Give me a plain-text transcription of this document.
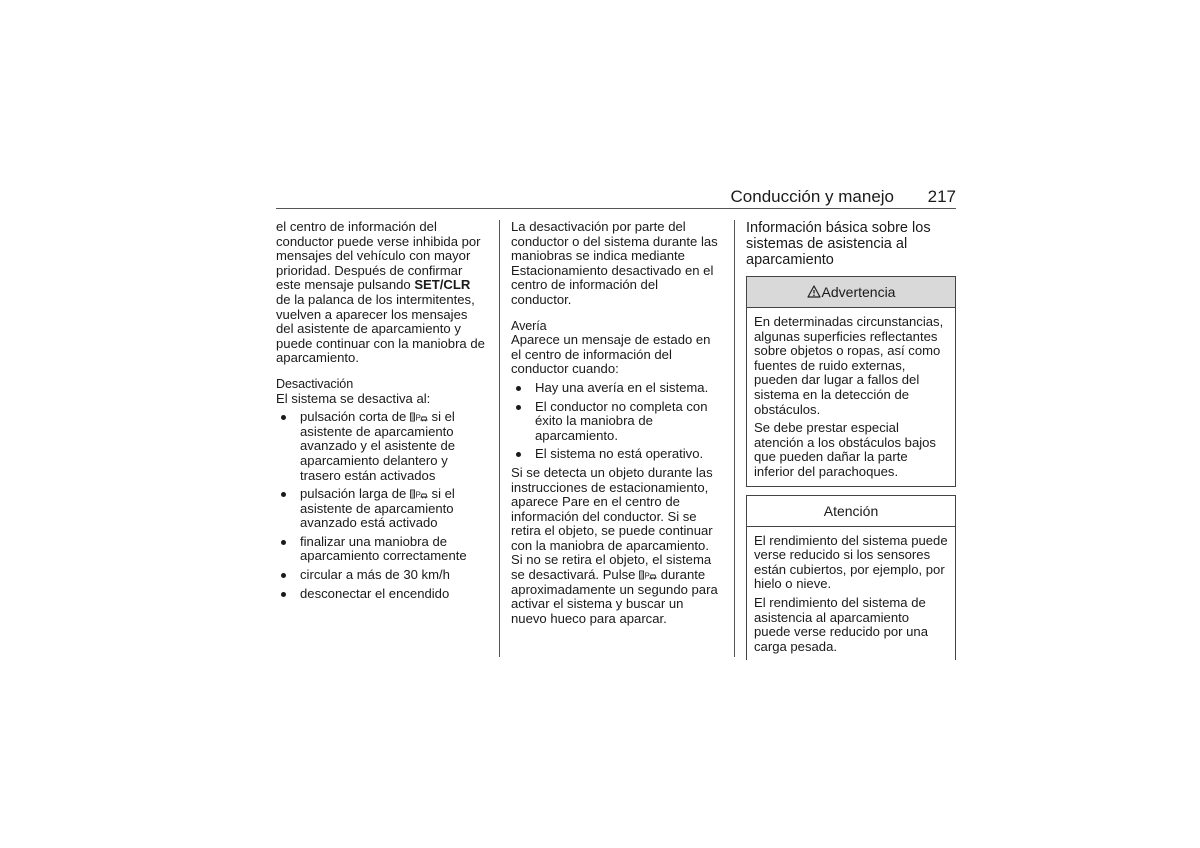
Conducción y manejo 217

el centro de información del conductor puede verse inhibida por mensajes del vehículo con mayor prioridad. Después de confirmar este mensaje pulsando SET/CLR de la palanca de los intermitentes, vuelven a aparecer los mensajes del asistente de aparcamiento y puede continuar con la maniobra de aparcamiento.

Desactivación

El sistema se desactiva al:

pulsación corta de P si el asistente de aparcamiento avanzado y el asistente de aparcamiento delantero y trasero están activados
pulsación larga de P si el asistente de aparcamiento avanzado está activado
finalizar una maniobra de aparcamiento correctamente
circular a más de 30 km/h
desconectar el encendido

La desactivación por parte del conductor o del sistema durante las maniobras se indica mediante Estacionamiento desactivado en el centro de información del conductor.

Avería

Aparece un mensaje de estado en el centro de información del conductor cuando:

Hay una avería en el sistema.
El conductor no completa con éxito la maniobra de aparcamiento.
El sistema no está operativo.

Si se detecta un objeto durante las instrucciones de estacionamiento, aparece Pare en el centro de información del conductor. Si se retira el objeto, se puede continuar con la maniobra de aparcamiento. Si no se retira el objeto, el sistema se desactivará. Pulse P durante aproximadamente un segundo para activar el sistema y buscar un nuevo hueco para aparcar.

Información básica sobre los sistemas de asistencia al aparcamiento

Advertencia

En determinadas circunstancias, algunas superficies reflectantes sobre objetos o ropas, así como fuentes de ruido externas, pueden dar lugar a fallos del sistema en la detección de obstáculos.

Se debe prestar especial atención a los obstáculos bajos que pueden dañar la parte inferior del parachoques.

Atención

El rendimiento del sistema puede verse reducido si los sensores están cubiertos, por ejemplo, por hielo o nieve.

El rendimiento del sistema de asistencia al aparcamiento puede verse reducido por una carga pesada.
